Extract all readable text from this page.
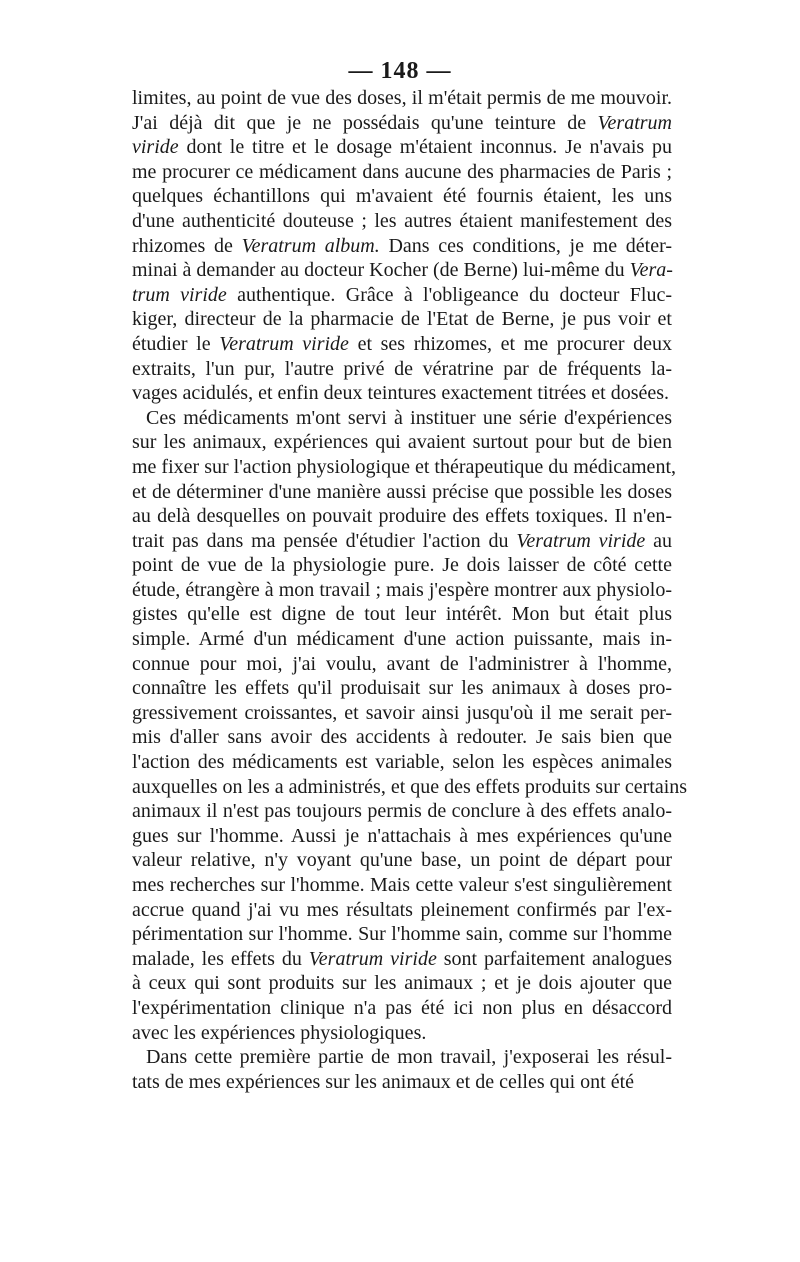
— 148 —
limites, au point de vue des doses, il m'était permis de me mouvoir.
J'ai déjà dit que je ne possédais qu'une teinture de Veratrum
viride dont le titre et le dosage m'étaient inconnus. Je n'avais pu
me procurer ce médicament dans aucune des pharmacies de Paris ;
quelques échantillons qui m'avaient été fournis étaient, les uns
d'une authenticité douteuse ; les autres étaient manifestement des
rhizomes de Veratrum album. Dans ces conditions, je me déter-
minai à demander au docteur Kocher (de Berne) lui-même du Vera-
trum viride authentique. Grâce à l'obligeance du docteur Fluc-
kiger, directeur de la pharmacie de l'Etat de Berne, je pus voir et
étudier le Veratrum viride et ses rhizomes, et me procurer deux
extraits, l'un pur, l'autre privé de vératrine par de fréquents la-
vages acidulés, et enfin deux teintures exactement titrées et dosées.
Ces médicaments m'ont servi à instituer une série d'expériences
sur les animaux, expériences qui avaient surtout pour but de bien
me fixer sur l'action physiologique et thérapeutique du médicament,
et de déterminer d'une manière aussi précise que possible les doses
au delà desquelles on pouvait produire des effets toxiques. Il n'en-
trait pas dans ma pensée d'étudier l'action du Veratrum viride au
point de vue de la physiologie pure. Je dois laisser de côté cette
étude, étrangère à mon travail ; mais j'espère montrer aux physiolo-
gistes qu'elle est digne de tout leur intérêt. Mon but était plus
simple. Armé d'un médicament d'une action puissante, mais in-
connue pour moi, j'ai voulu, avant de l'administrer à l'homme,
connaître les effets qu'il produisait sur les animaux à doses pro-
gressivement croissantes, et savoir ainsi jusqu'où il me serait per-
mis d'aller sans avoir des accidents à redouter. Je sais bien que
l'action des médicaments est variable, selon les espèces animales
auxquelles on les a administrés, et que des effets produits sur certains
animaux il n'est pas toujours permis de conclure à des effets analo-
gues sur l'homme. Aussi je n'attachais à mes expériences qu'une
valeur relative, n'y voyant qu'une base, un point de départ pour
mes recherches sur l'homme. Mais cette valeur s'est singulièrement
accrue quand j'ai vu mes résultats pleinement confirmés par l'ex-
périmentation sur l'homme. Sur l'homme sain, comme sur l'homme
malade, les effets du Veratrum viride sont parfaitement analogues
à ceux qui sont produits sur les animaux ; et je dois ajouter que
l'expérimentation clinique n'a pas été ici non plus en désaccord
avec les expériences physiologiques.
Dans cette première partie de mon travail, j'exposerai les résul-
tats de mes expériences sur les animaux et de celles qui ont été
